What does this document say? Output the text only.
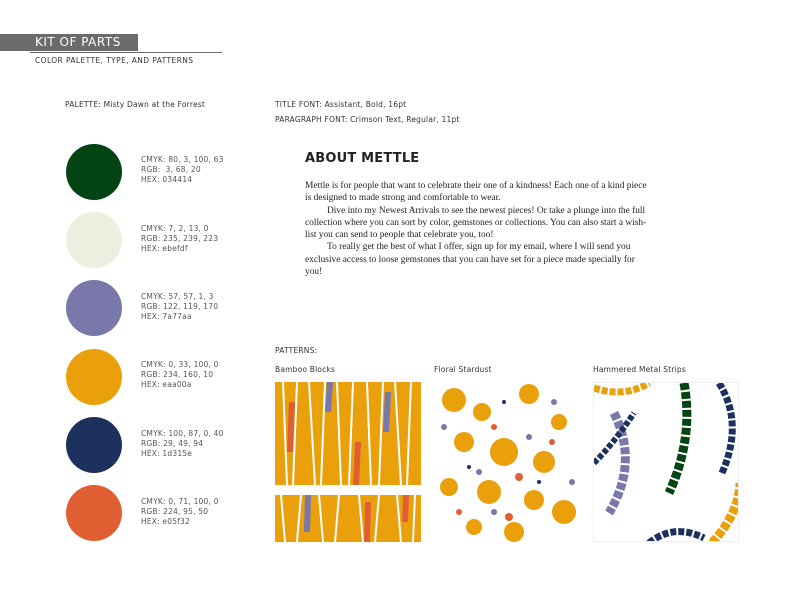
KIT OF PARTS
COLOR PALETTE, TYPE, AND PATTERNS
PALETTE: Misty Dawn at the Forrest
CMYK: 80, 3, 100, 63
RGB:  3, 68, 20
HEX: 034414
CMYK: 7, 2, 13, 0
RGB: 235, 239, 223
HEX: ebefdf
CMYK: 57, 57, 1, 3
RGB: 122, 119, 170
HEX: 7a77aa
CMYK: 0, 33, 100, 0
RGB: 234, 160, 10
HEX: eaa00a
CMYK: 100, 87, 0, 40
RGB: 29, 49, 94
HEX: 1d315e
CMYK: 0, 71, 100, 0
RGB: 224, 95, 50
HEX: e05f32
TITLE FONT: Assistant, Bold, 16pt
PARAGRAPH FONT: Crimson Text, Regular, 11pt
ABOUT METTLE

Mettle is for people that want to celebrate their one of a kindness! Each one of a kind piece is designed to made strong and comfortable to wear.

Dive into my Newest Arrivals to see the newest pieces! Or take a plunge into the full collection where you can sort by color, gemstones or collections. You can also start a wish-list you can send to people that celebrate you, too!

To really get the best of what I offer, sign up for my email, where I will send you exclusive access to loose gemstones that you can have set for a piece made specially for you!

PATTERNS:
Bamboo Blocks	Floral Stardust	Hammered Metal Strips
